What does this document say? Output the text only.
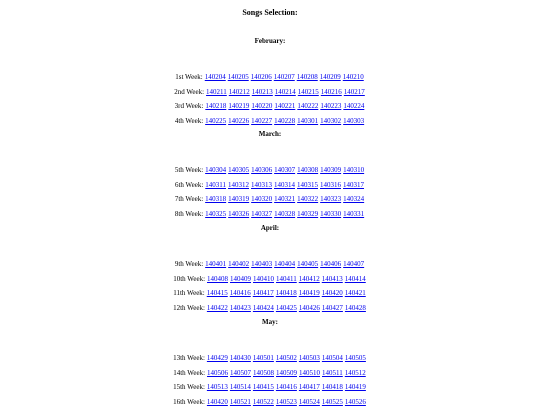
Songs Selection:
February:
1st Week: 140204 140205 140206 140207 140208 140209 140210
2nd Week: 140211 140212 140213 140214 140215 140216 140217
3rd Week: 140218 140219 140220 140221 140222 140223 140224
4th Week: 140225 140226 140227 140228 140301 140302 140303
March:
5th Week: 140304 140305 140306 140307 140308 140309 140310
6th Week: 140311 140312 140313 140314 140315 140316 140317
7th Week: 140318 140319 140320 140321 140322 140323 140324
8th Week: 140325 140326 140327 140328 140329 140330 140331
April:
9th Week: 140401 140402 140403 140404 140405 140406 140407
10th Week: 140408 140409 140410 140411 140412 140413 140414
11th Week: 140415 140416 140417 140418 140419 140420 140421
12th Week: 140422 140423 140424 140425 140426 140427 140428
May:
13th Week: 140429 140430 140501 140502 140503 140504 140505
14th Week: 140506 140507 140508 140509 140510 140511 140512
15th Week: 140513 140514 140415 140416 140417 140418 140419
16th Week: 140420 140521 140522 140523 140524 140525 140526
